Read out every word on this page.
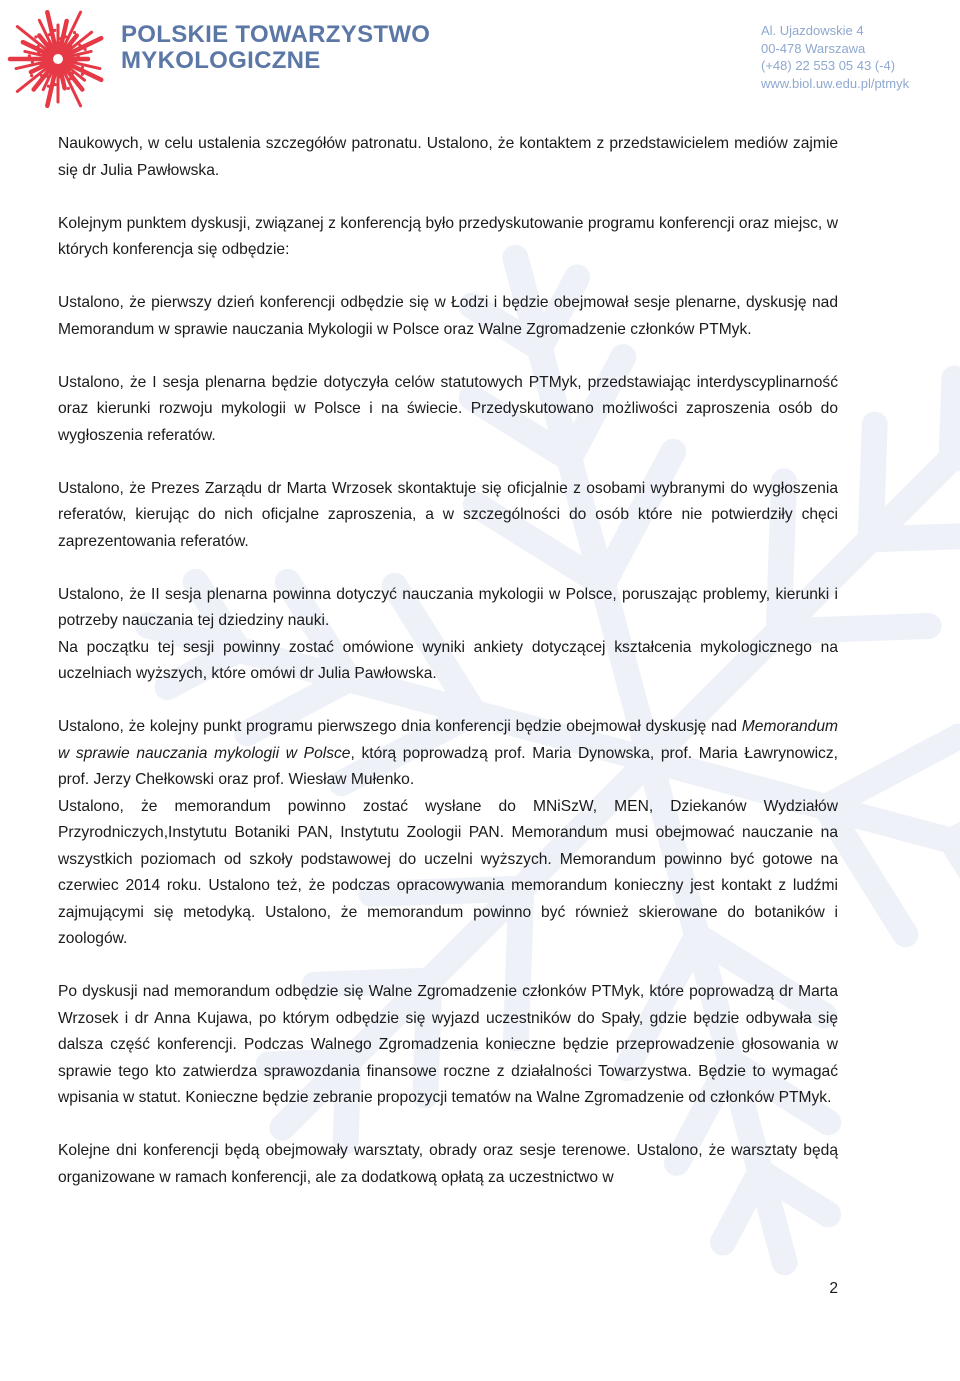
POLSKIE TOWARZYSTWO
MYKOLOGICZNE
Al. Ujazdowskie 4
00-478 Warszawa
(+48) 22 553 05 43 (-4)
www.biol.uw.edu.pl/ptmyk

Naukowych, w celu ustalenia szczegółów patronatu. Ustalono, że kontaktem z przedstawicielem mediów zajmie się dr Julia Pawłowska.

Kolejnym punktem dyskusji, związanej z konferencją było przedyskutowanie programu konferencji oraz miejsc, w których konferencja się odbędzie:

Ustalono, że pierwszy dzień konferencji odbędzie się w Łodzi i będzie obejmował sesje plenarne, dyskusję nad Memorandum w sprawie nauczania Mykologii w Polsce oraz Walne Zgromadzenie członków PTMyk.

Ustalono, że I sesja plenarna będzie dotyczyła celów statutowych PTMyk, przedstawiając interdyscyplinarność oraz kierunki rozwoju mykologii w Polsce i na świecie. Przedyskutowano możliwości zaproszenia osób do wygłoszenia referatów.

Ustalono, że Prezes Zarządu dr Marta Wrzosek skontaktuje się oficjalnie z osobami wybranymi do wygłoszenia referatów, kierując do nich oficjalne zaproszenia, a w szczególności do osób które nie potwierdziły chęci zaprezentowania referatów.

Ustalono, że II sesja plenarna powinna dotyczyć nauczania mykologii w Polsce, poruszając problemy, kierunki i potrzeby nauczania tej dziedziny nauki.

Na początku tej sesji powinny zostać omówione wyniki ankiety dotyczącej kształcenia mykologicznego na uczelniach wyższych, które omówi dr Julia Pawłowska.

Ustalono, że kolejny punkt programu pierwszego dnia konferencji będzie obejmował dyskusję nad Memorandum w sprawie nauczania mykologii w Polsce, którą poprowadzą prof. Maria Dynowska, prof. Maria Ławrynowicz, prof. Jerzy Chełkowski oraz prof. Wiesław Mułenko.

Ustalono, że memorandum powinno zostać wysłane do MNiSzW, MEN, Dziekanów Wydziałów Przyrodniczych,Instytutu Botaniki PAN, Instytutu Zoologii PAN. Memorandum musi obejmować nauczanie na wszystkich poziomach od szkoły podstawowej do uczelni wyższych. Memorandum powinno być gotowe na czerwiec 2014 roku. Ustalono też, że podczas opracowywania memorandum konieczny jest kontakt z ludźmi zajmującymi się metodyką. Ustalono, że memorandum powinno być również skierowane do botaników i zoologów.

Po dyskusji nad memorandum odbędzie się Walne Zgromadzenie członków PTMyk, które poprowadzą dr Marta Wrzosek i dr Anna Kujawa, po którym odbędzie się wyjazd uczestników do Spały, gdzie będzie odbywała się dalsza część konferencji. Podczas Walnego Zgromadzenia konieczne będzie przeprowadzenie głosowania w sprawie tego kto zatwierdza sprawozdania finansowe roczne z działalności Towarzystwa. Będzie to wymagać wpisania w statut. Konieczne będzie zebranie propozycji tematów na Walne Zgromadzenie od członków PTMyk.

Kolejne dni konferencji będą obejmowały warsztaty, obrady oraz sesje terenowe. Ustalono, że warsztaty będą organizowane w ramach konferencji, ale za dodatkową opłatą za uczestnictwo w

2
